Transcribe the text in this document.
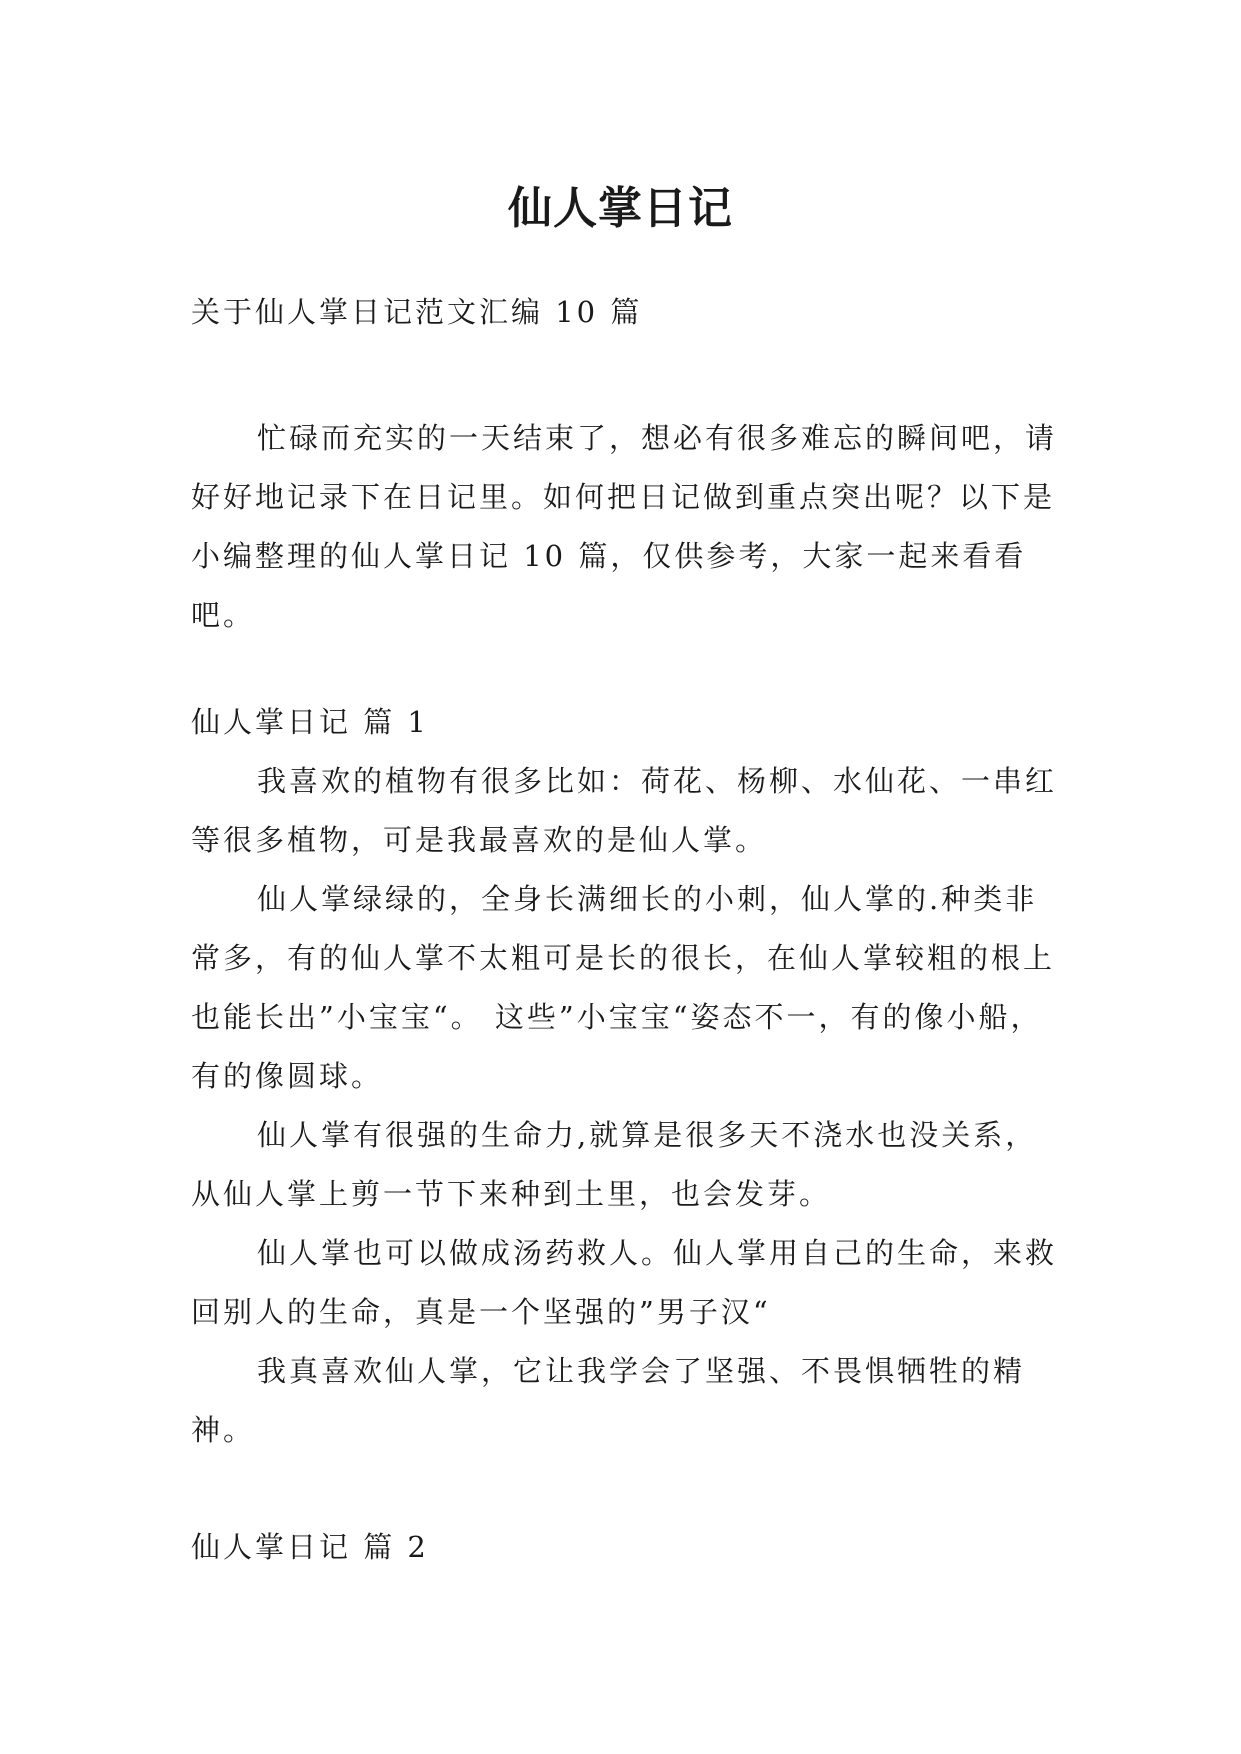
仙人掌日记
关于仙人掌日记范文汇编 10 篇

忙碌而充实的一天结束了，想必有很多难忘的瞬间吧，请好好地记录下在日记里。如何把日记做到重点突出呢？以下是小编整理的仙人掌日记 10 篇，仅供参考，大家一起来看看吧。

仙人掌日记 篇 1

我喜欢的植物有很多比如：荷花、杨柳、水仙花、一串红等很多植物，可是我最喜欢的是仙人掌。

仙人掌绿绿的，全身长满细长的小刺，仙人掌的.种类非常多，有的仙人掌不太粗可是长的很长，在仙人掌较粗的根上也能长出”小宝宝“。 这些”小宝宝“姿态不一，有的像小船，有的像圆球。

仙人掌有很强的生命力,就算是很多天不浇水也没关系，从仙人掌上剪一节下来种到土里，也会发芽。

仙人掌也可以做成汤药救人。仙人掌用自己的生命，来救回别人的生命，真是一个坚强的”男子汉“

我真喜欢仙人掌，它让我学会了坚强、不畏惧牺牲的精神。

仙人掌日记 篇 2
